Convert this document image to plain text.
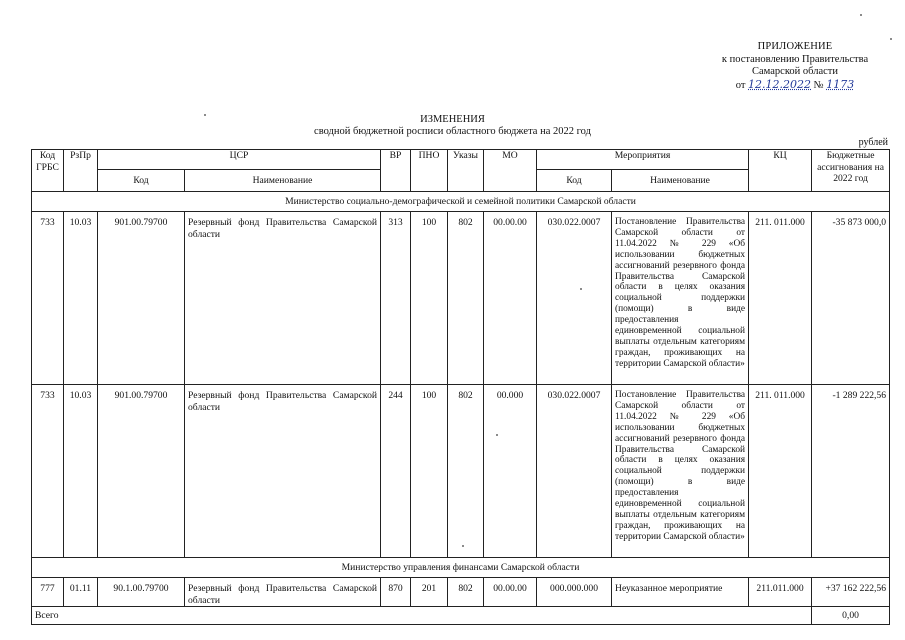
ПРИЛОЖЕНИЕ
к постановлению Правительства
Самарской области
от 12.12.2022 № 1173
ИЗМЕНЕНИЯ
сводной бюджетной росписи областного бюджета на 2022 год
рублей
Код ГРБС	РзПр	ЦСР		ВР	ПНО	Указы	МО	Мероприятия		КЦ	Бюджетные ассигнования на 2022 год
		Код	Наименование					Код	Наименование		
Министерство социально-демографической и семейной политики Самарской области											
733	10.03	901.00.79700	Резервный фонд Правительства Самарской области	313	100	802	00.00.00	030.022.0007	Постановление Правительства Самарской области от 11.04.2022 № 229 «Об использовании бюджетных ассигнований резервного фонда Правительства Самарской области в целях оказания социальной поддержки (помощи) в виде предоставления единовременной социальной выплаты отдельным категориям граждан, проживающих на территории Самарской области»	211. 011.000	-35 873 000,0
733	10.03	901.00.79700	Резервный фонд Правительства Самарской области	244	100	802	00.000	030.022.0007	Постановление Правительства Самарской области от 11.04.2022 № 229 «Об использовании бюджетных ассигнований резервного фонда Правительства Самарской области в целях оказания социальной поддержки (помощи) в виде предоставления единовременной социальной выплаты отдельным категориям граждан, проживающих на территории Самарской области»	211. 011.000	-1 289 222,56
Министерство управления финансами Самарской области											
777	01.11	90.1.00.79700	Резервный фонд Правительства Самарской области	870	201	802	00.00.00	000.000.000	Неуказанное мероприятие	211.011.000	+37 162 222,56
Всего											0,00
